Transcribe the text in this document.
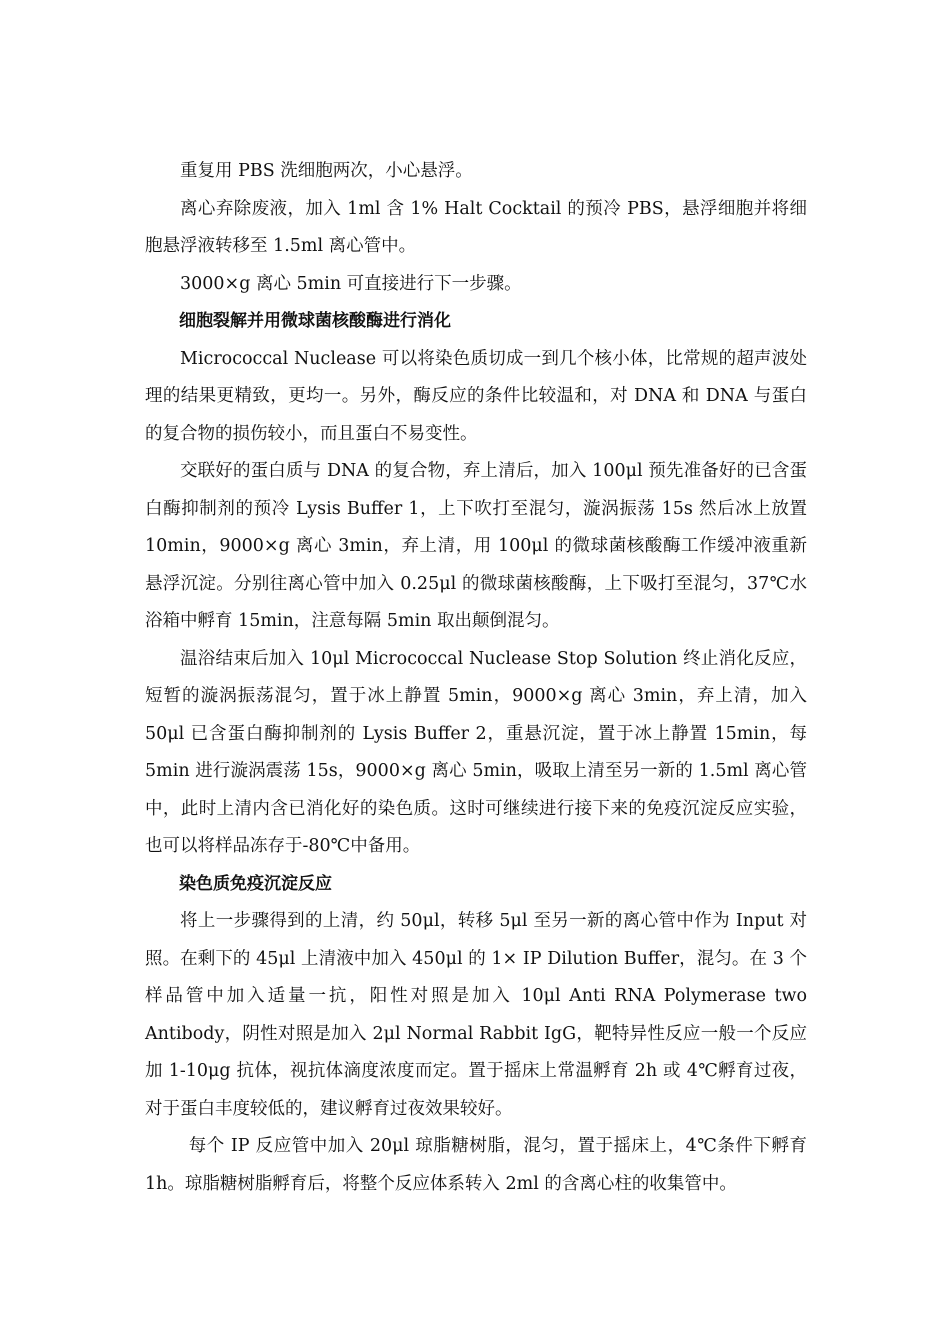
重复用 PBS 洗细胞两次，小心悬浮。

离心弃除废液，加入 1ml 含 1% Halt Cocktail 的预冷 PBS，悬浮细胞并将细胞悬浮液转移至 1.5ml 离心管中。

3000×g 离心 5min 可直接进行下一步骤。

细胞裂解并用微球菌核酸酶进行消化

Micrococcal Nuclease 可以将染色质切成一到几个核小体，比常规的超声波处理的结果更精致，更均一。另外，酶反应的条件比较温和，对 DNA 和 DNA 与蛋白的复合物的损伤较小，而且蛋白不易变性。

交联好的蛋白质与 DNA 的复合物，弃上清后，加入 100μl 预先准备好的已含蛋白酶抑制剂的预冷 Lysis Buffer 1，上下吹打至混匀，漩涡振荡 15s 然后冰上放置 10min，9000×g 离心 3min，弃上清，用 100μl 的微球菌核酸酶工作缓冲液重新悬浮沉淀。分别往离心管中加入 0.25μl 的微球菌核酸酶，上下吸打至混匀，37℃水浴箱中孵育 15min，注意每隔 5min 取出颠倒混匀。

温浴结束后加入 10μl Micrococcal Nuclease Stop Solution 终止消化反应，短暂的漩涡振荡混匀，置于冰上静置 5min，9000×g 离心 3min，弃上清，加入 50μl 已含蛋白酶抑制剂的 Lysis Buffer 2，重悬沉淀，置于冰上静置 15min，每 5min 进行漩涡震荡 15s，9000×g 离心 5min，吸取上清至另一新的 1.5ml 离心管中，此时上清内含已消化好的染色质。这时可继续进行接下来的免疫沉淀反应实验，也可以将样品冻存于-80℃中备用。

染色质免疫沉淀反应

将上一步骤得到的上清，约 50μl，转移 5μl 至另一新的离心管中作为 Input 对照。在剩下的 45μl 上清液中加入 450μl 的 1× IP Dilution Buffer，混匀。在 3 个样品管中加入适量一抗，阳性对照是加入 10μl Anti RNA Polymerase two Antibody，阴性对照是加入 2μl Normal Rabbit IgG，靶特异性反应一般一个反应加 1-10μg 抗体，视抗体滴度浓度而定。置于摇床上常温孵育 2h 或 4℃孵育过夜，对于蛋白丰度较低的，建议孵育过夜效果较好。

每个 IP 反应管中加入 20μl 琼脂糖树脂，混匀，置于摇床上，4℃条件下孵育 1h。琼脂糖树脂孵育后，将整个反应体系转入 2ml 的含离心柱的收集管中。
